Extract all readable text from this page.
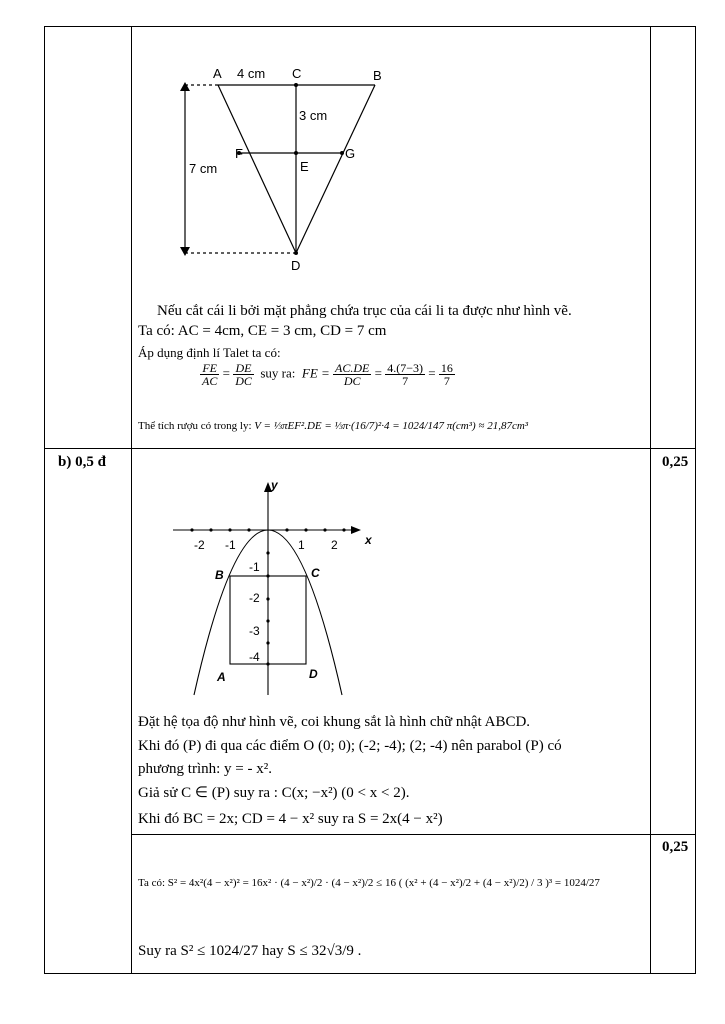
A	C	B
4 cm
3 cm
F
E
G
7 cm
D
Nếu cắt cái li bởi mặt phẳng chứa trục của cái li ta được như hình vẽ.
Ta có: AC = 4cm, CE = 3 cm, CD = 7 cm
Áp dụng định lí Talet ta có:
$\frac{FE}{AC} = \frac{DE}{DC}$ suy ra: FE = $\frac{AC.DE}{DC} = \frac{4.(7-3)}{7} = \frac{16}{7}$
Thể tích rượu có trong ly: V = ⅓πEF².DE = ⅓π·(16/7)²·4 = 1024/147 π(cm³) ≈ 21,87cm³
b) 0,5 đ	0,25
0,25
x
y
-2 -1	1 2
-1
-2
-3
-4
B	C
A	D
Đặt hệ tọa độ như hình vẽ, coi khung sắt là hình chữ nhật ABCD.
Khi đó (P) đi qua các điểm O (0; 0); (-2; -4); (2; -4) nên parabol (P) có
phương trình: y = - x².
Giả sử C ∈ (P) suy ra : C(x; −x²) (0 < x < 2).
Khi đó BC = 2x; CD = 4 − x² suy ra S = 2x(4 − x²)
Ta có: S² = 4x²(4 − x²)² = 16x² · (4 − x²)/2 · (4 − x²)/2 ≤ 16 ( (x² + (4 − x²)/2 + (4 − x²)/2) / 3 )³ = 1024/27
Suy ra S² ≤ 1024/27 hay S ≤ 32√3/9 .
